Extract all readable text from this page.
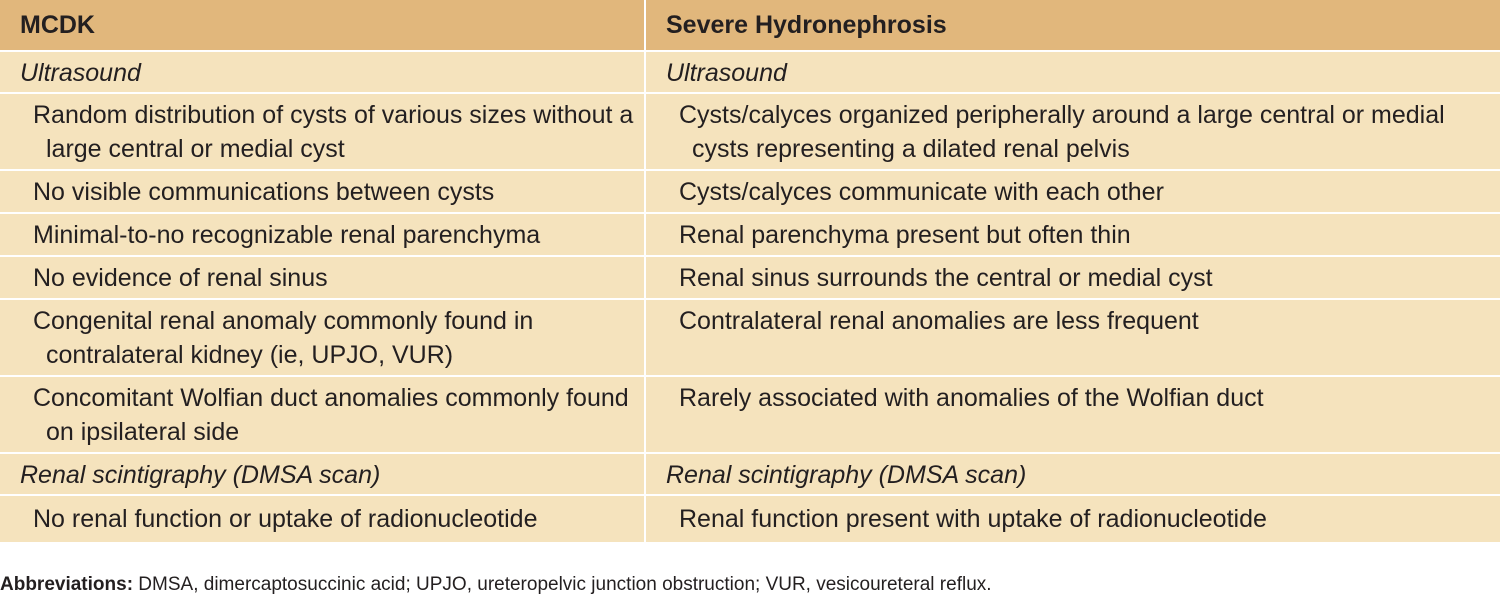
MCDK	Severe Hydronephrosis
Ultrasound	Ultrasound

Random distribution of cysts of various sizes without a large central or medial cyst	Cysts/calyces organized peripherally around a large central or medial cysts representing a dilated renal pelvis

No visible communications between cysts	Cysts/calyces communicate with each other

Minimal-to-no recognizable renal parenchyma	Renal parenchyma present but often thin

No evidence of renal sinus	Renal sinus surrounds the central or medial cyst

Congenital renal anomaly commonly found in contralateral kidney (ie, UPJO, VUR)	Contralateral renal anomalies are less frequent

Concomitant Wolfian duct anomalies commonly found on ipsilateral side	Rarely associated with anomalies of the Wolfian duct

Renal scintigraphy (DMSA scan)	Renal scintigraphy (DMSA scan)

No renal function or uptake of radionucleotide	Renal function present with uptake of radionucleotide
Abbreviations: DMSA, dimercaptosuccinic acid; UPJO, ureteropelvic junction obstruction; VUR, vesicoureteral reflux.
